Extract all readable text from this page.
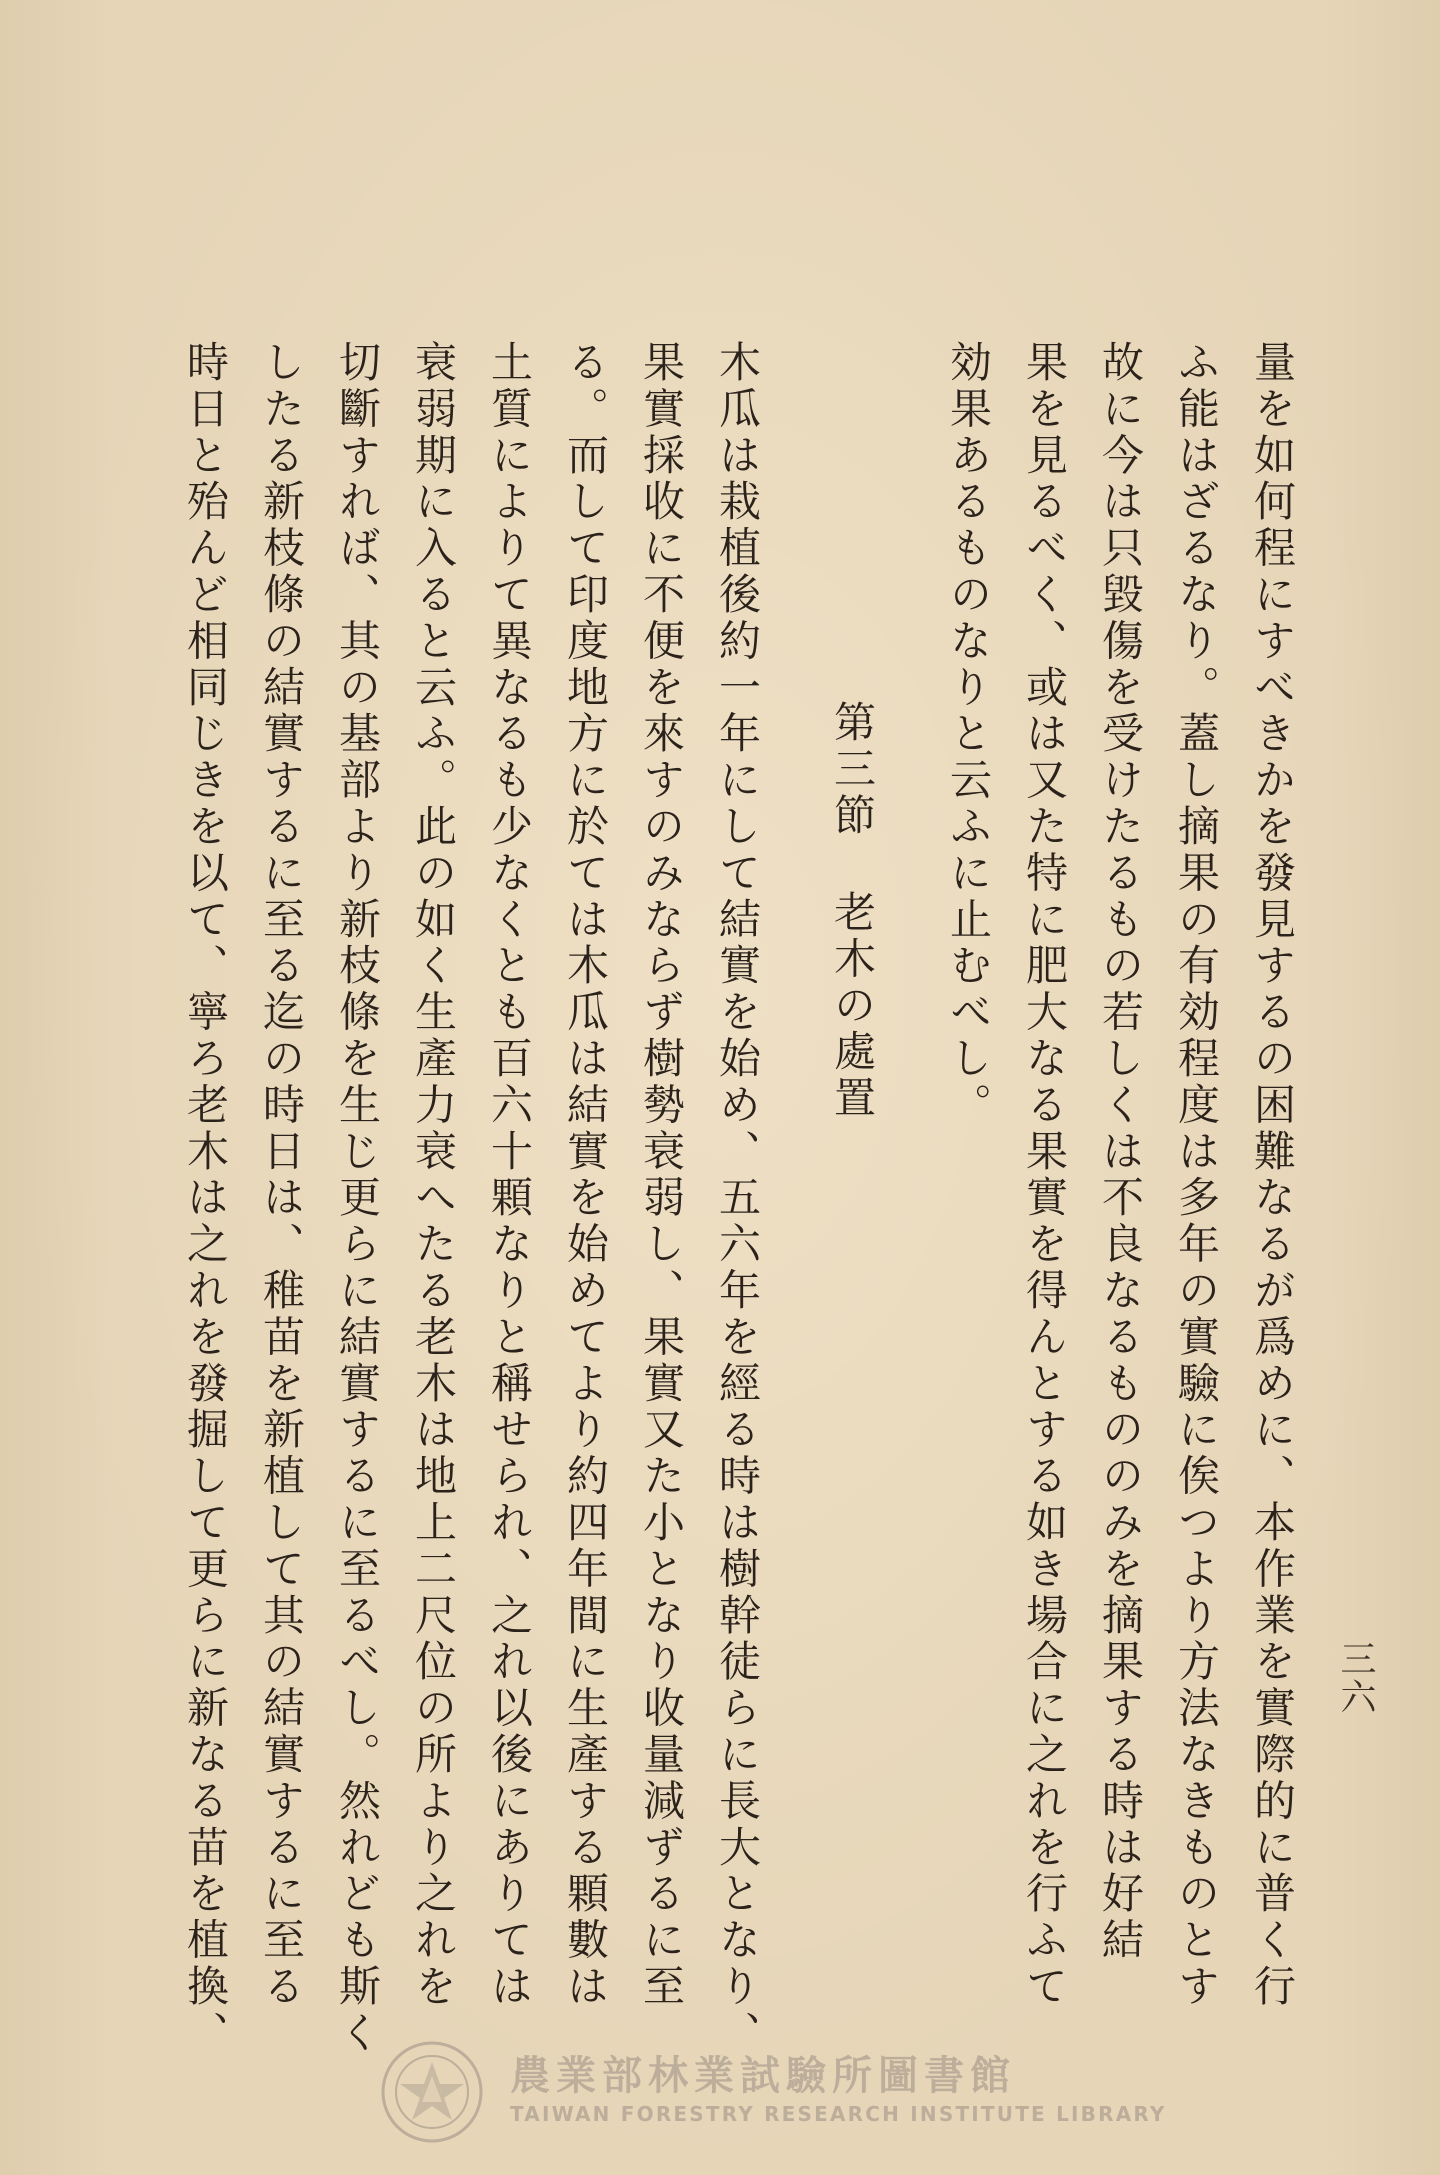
三六
量を如何程にすべきかを發見するの困難なるが爲めに、本作業を實際的に普く行
ふ能はざるなり。蓋し摘果の有効程度は多年の實驗に俟つより方法なきものとす
故に今は只毀傷を受けたるもの若しくは不良なるもののみを摘果する時は好結
果を見るべく、或は又た特に肥大なる果實を得んとする如き場合に之れを行ふて
効果あるものなりと云ふに止むべし。
第三節
老木の處置
木瓜は栽植後約一年にして結實を始め、五六年を經る時は樹幹徒らに長大となり、
果實採收に不便を來すのみならず樹勢衰弱し、果實又た小となり收量減ずるに至
る。而して印度地方に於ては木瓜は結實を始めてより約四年間に生產する顆數は
土質によりて異なるも少なくとも百六十顆なりと稱せられ、之れ以後にありては
衰弱期に入ると云ふ。此の如く生產力衰へたる老木は地上二尺位の所より之れを
切斷すれば、其の基部より新枝條を生じ更らに結實するに至るべし。然れども斯く
したる新枝條の結實するに至る迄の時日は、稚苗を新植して其の結實するに至る
時日と殆んど相同じきを以て、寧ろ老木は之れを發掘して更らに新なる苗を植換、
農業部林業試驗所圖書館
TAIWAN FORESTRY RESEARCH INSTITUTE LIBRARY
